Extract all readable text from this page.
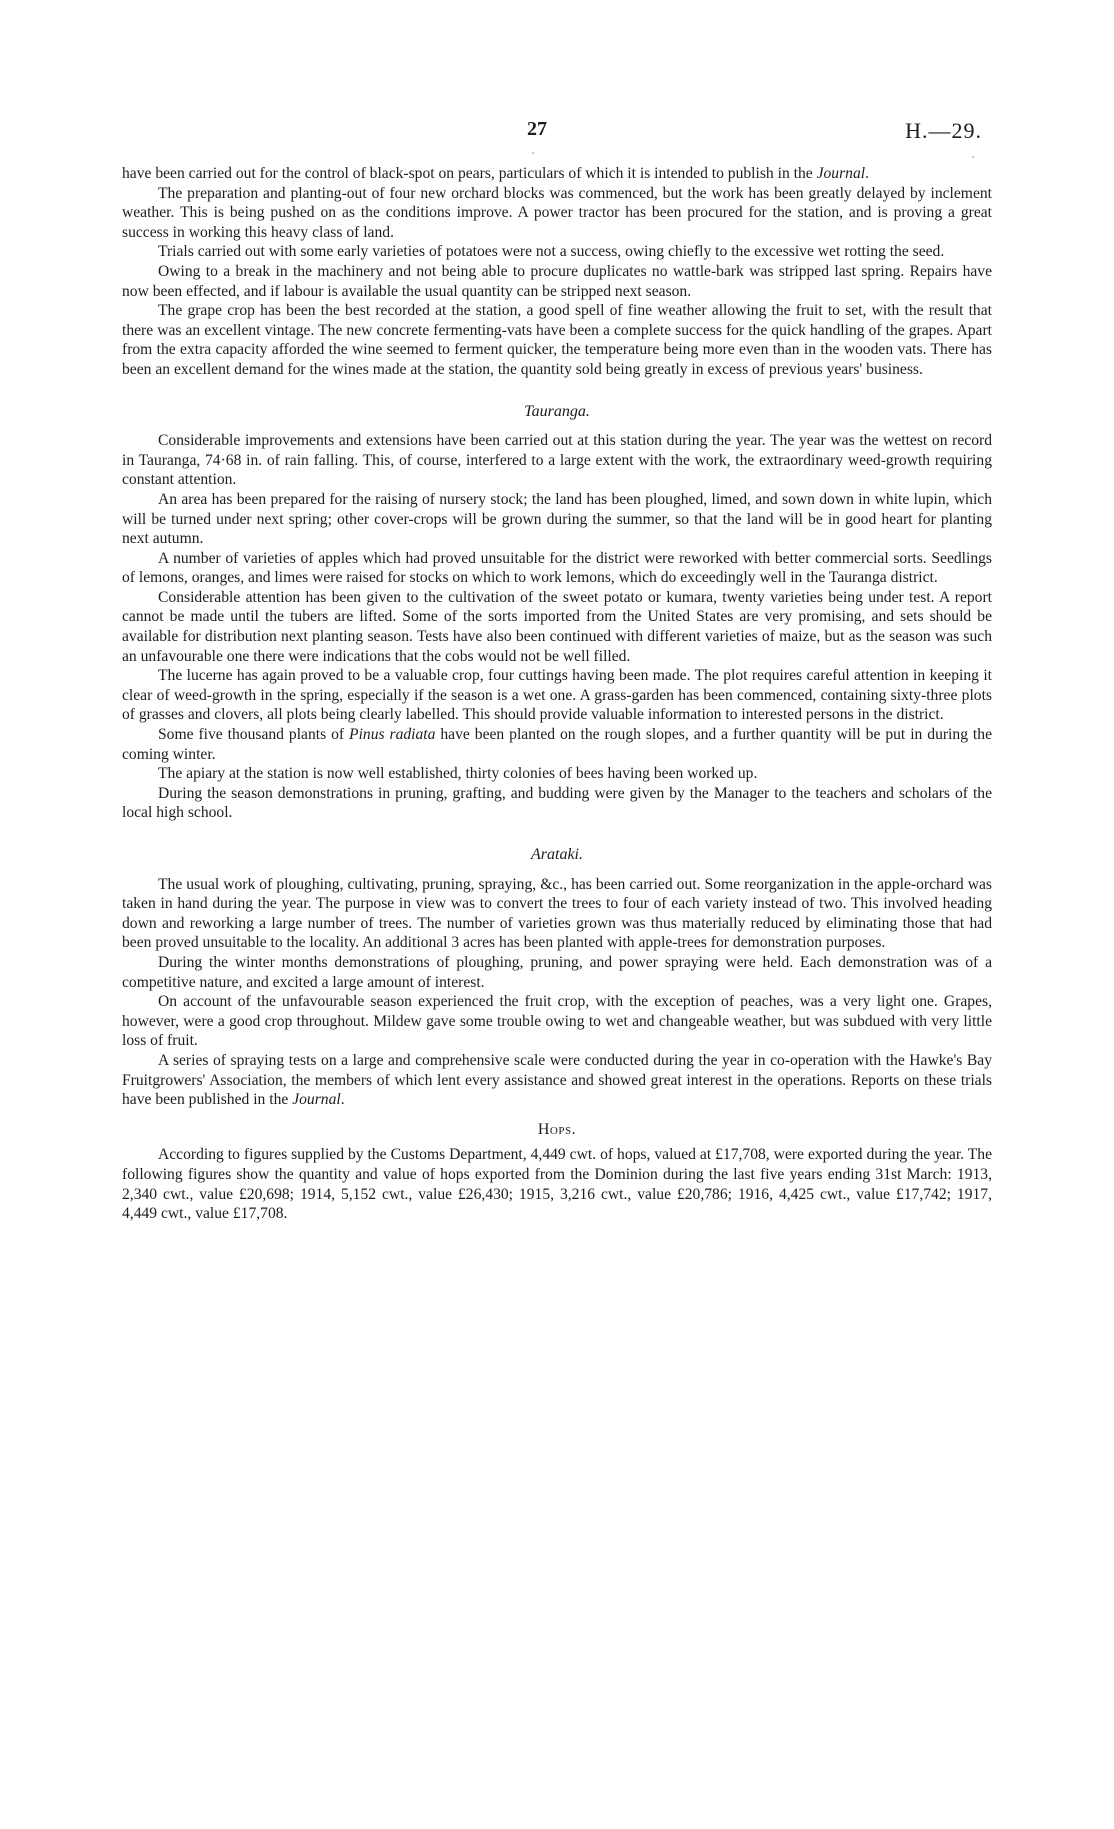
27	H.—29.

have been carried out for the control of black-spot on pears, particulars of which it is intended to publish in the Journal.

The preparation and planting-out of four new orchard blocks was commenced, but the work has been greatly delayed by inclement weather. This is being pushed on as the conditions improve. A power tractor has been procured for the station, and is proving a great success in working this heavy class of land.

Trials carried out with some early varieties of potatoes were not a success, owing chiefly to the excessive wet rotting the seed.

Owing to a break in the machinery and not being able to procure duplicates no wattle-bark was stripped last spring. Repairs have now been effected, and if labour is available the usual quantity can be stripped next season.

The grape crop has been the best recorded at the station, a good spell of fine weather allowing the fruit to set, with the result that there was an excellent vintage. The new concrete fermenting-vats have been a complete success for the quick handling of the grapes. Apart from the extra capacity afforded the wine seemed to ferment quicker, the temperature being more even than in the wooden vats. There has been an excellent demand for the wines made at the station, the quantity sold being greatly in excess of previous years' business.

Tauranga.

Considerable improvements and extensions have been carried out at this station during the year. The year was the wettest on record in Tauranga, 74·68 in. of rain falling. This, of course, interfered to a large extent with the work, the extraordinary weed-growth requiring constant attention.

An area has been prepared for the raising of nursery stock; the land has been ploughed, limed, and sown down in white lupin, which will be turned under next spring; other cover-crops will be grown during the summer, so that the land will be in good heart for planting next autumn.

A number of varieties of apples which had proved unsuitable for the district were reworked with better commercial sorts. Seedlings of lemons, oranges, and limes were raised for stocks on which to work lemons, which do exceedingly well in the Tauranga district.

Considerable attention has been given to the cultivation of the sweet potato or kumara, twenty varieties being under test. A report cannot be made until the tubers are lifted. Some of the sorts imported from the United States are very promising, and sets should be available for distribution next planting season. Tests have also been continued with different varieties of maize, but as the season was such an unfavourable one there were indications that the cobs would not be well filled.

The lucerne has again proved to be a valuable crop, four cuttings having been made. The plot requires careful attention in keeping it clear of weed-growth in the spring, especially if the season is a wet one. A grass-garden has been commenced, containing sixty-three plots of grasses and clovers, all plots being clearly labelled. This should provide valuable information to interested persons in the district.

Some five thousand plants of Pinus radiata have been planted on the rough slopes, and a further quantity will be put in during the coming winter.

The apiary at the station is now well established, thirty colonies of bees having been worked up.

During the season demonstrations in pruning, grafting, and budding were given by the Manager to the teachers and scholars of the local high school.

Arataki.

The usual work of ploughing, cultivating, pruning, spraying, &c., has been carried out. Some reorganization in the apple-orchard was taken in hand during the year. The purpose in view was to convert the trees to four of each variety instead of two. This involved heading down and reworking a large number of trees. The number of varieties grown was thus materially reduced by eliminating those that had been proved unsuitable to the locality. An additional 3 acres has been planted with apple-trees for demonstration purposes.

During the winter months demonstrations of ploughing, pruning, and power spraying were held. Each demonstration was of a competitive nature, and excited a large amount of interest.

On account of the unfavourable season experienced the fruit crop, with the exception of peaches, was a very light one. Grapes, however, were a good crop throughout. Mildew gave some trouble owing to wet and changeable weather, but was subdued with very little loss of fruit.

A series of spraying tests on a large and comprehensive scale were conducted during the year in co-operation with the Hawke's Bay Fruitgrowers' Association, the members of which lent every assistance and showed great interest in the operations. Reports on these trials have been published in the Journal.

Hops.

According to figures supplied by the Customs Department, 4,449 cwt. of hops, valued at £17,708, were exported during the year. The following figures show the quantity and value of hops exported from the Dominion during the last five years ending 31st March: 1913, 2,340 cwt., value £20,698; 1914, 5,152 cwt., value £26,430; 1915, 3,216 cwt., value £20,786; 1916, 4,425 cwt., value £17,742; 1917, 4,449 cwt., value £17,708.
